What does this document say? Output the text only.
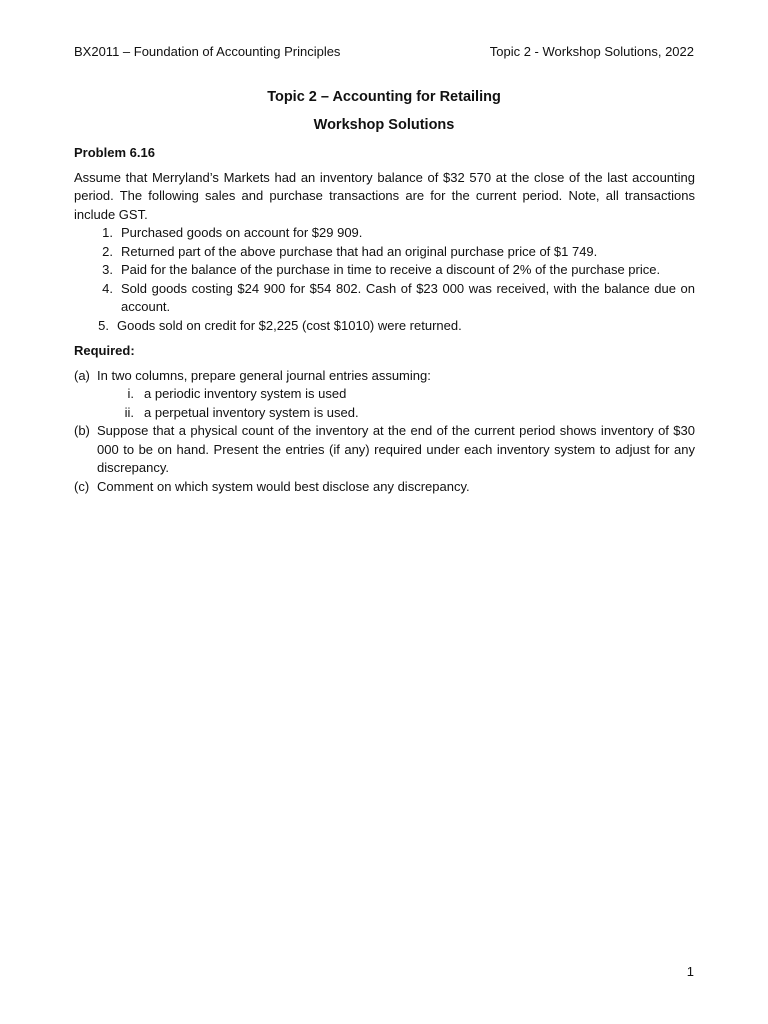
BX2011 – Foundation of Accounting Principles	Topic 2 - Workshop Solutions, 2022
Topic 2 – Accounting for Retailing
Workshop Solutions

Problem 6.16

Assume that Merryland’s Markets had an inventory balance of $32 570 at the close of the last accounting period. The following sales and purchase transactions are for the current period. Note, all transactions include GST.

1. Purchased goods on account for $29 909.
2. Returned part of the above purchase that had an original purchase price of $1 749.
3. Paid for the balance of the purchase in time to receive a discount of 2% of the purchase price.
4. Sold goods costing $24 900 for $54 802. Cash of $23 000 was received, with the balance due on account.
5. Goods sold on credit for $2,225 (cost $1010) were returned.

Required:

(a) In two columns, prepare general journal entries assuming:
i. a periodic inventory system is used
ii. a perpetual inventory system is used.
(b) Suppose that a physical count of the inventory at the end of the current period shows inventory of $30 000 to be on hand. Present the entries (if any) required under each inventory system to adjust for any discrepancy.
(c) Comment on which system would best disclose any discrepancy.
1
